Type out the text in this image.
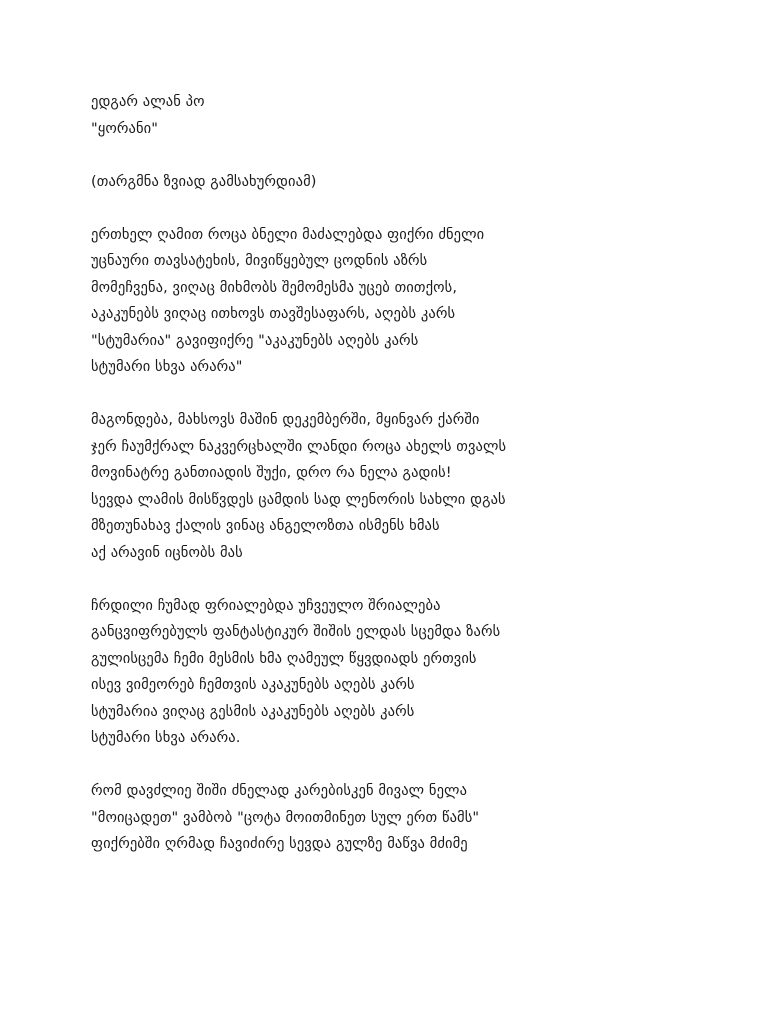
ედგარ ალან პო
"ყორანი"
(თარგმნა ზვიად გამსახურდიამ)
ერთხელ ღამით როცა ბნელი მაძალებდა ფიქრი ძნელი
უცნაური თავსატეხის, მივიწყებულ ცოდნის აზრს
მომეჩვენა, ვიღაც მიხმობს შემომესმა უცებ თითქოს,
აკაკუნებს ვიღაც ითხოვს თავშესაფარს, აღებს კარს
"სტუმარია" გავიფიქრე "აკაკუნებს აღებს კარს
სტუმარი სხვა არარა"
მაგონდება, მახსოვს მაშინ დეკემბერში, მყინვარ ქარში
ჯერ ჩაუმქრალ ნაკვერცხალში ლანდი როცა ახელს თვალს
მოვინატრე განთიადის შუქი, დრო რა ნელა გადის!
სევდა ლამის მისწვდეს ცამდის სად ლენორის სახლი დგას
მზეთუნახავ ქალის ვინაც ანგელოზთა ისმენს ხმას
აქ არავინ იცნობს მას
ჩრდილი ჩუმად ფრიალებდა უჩვეულო შრიალება
განცვიფრებულს ფანტასტიკურ შიშის ელდას სცემდა ზარს
გულისცემა ჩემი მესმის ხმა ღამეულ წყვდიადს ერთვის
ისევ ვიმეორებ ჩემთვის აკაკუნებს აღებს კარს
სტუმარია ვიღაც გესმის აკაკუნებს აღებს კარს
სტუმარი სხვა არარა.
რომ დავძლიე შიში ძნელად კარებისკენ მივალ ნელა
"მოიცადეთ" ვამბობ "ცოტა მოითმინეთ სულ ერთ წამს"
ფიქრებში ღრმად ჩავიძირე სევდა გულზე მაწვა მძიმე
